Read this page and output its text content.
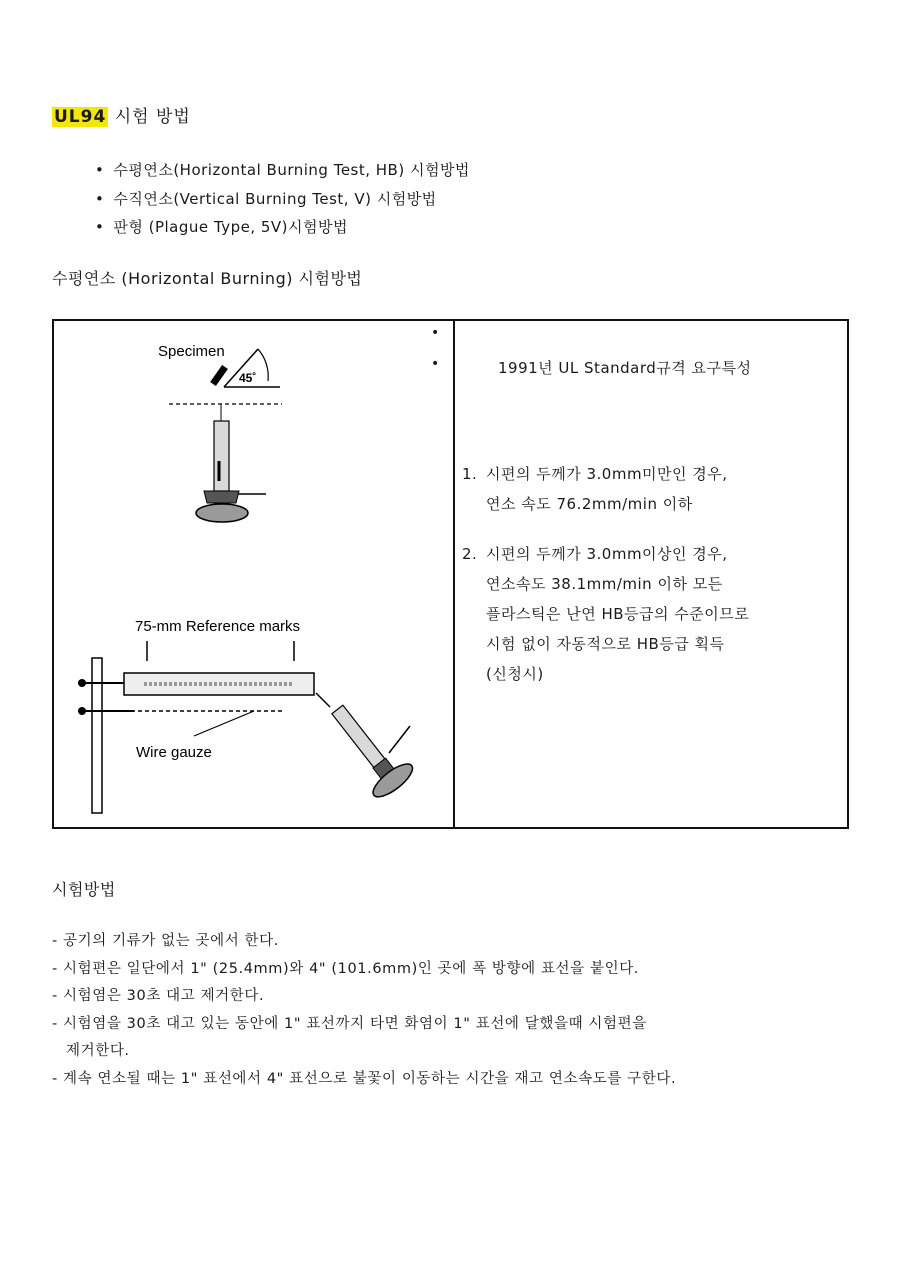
UL94 시험 방법
• 수평연소(Horizontal Burning Test, HB) 시험방법
• 수직연소(Vertical Burning Test, V) 시험방법
• 판형 (Plague Type, 5V)시험방법
수평연소 (Horizontal Burning) 시험방법
Specimen
45˚
75-mm Reference marks
Wire gauze
•
•	1991년 UL Standard규격 요구특성
1. 시편의 두께가 3.0mm미만인 경우,
연소 속도 76.2mm/min 이하
2. 시편의 두께가 3.0mm이상인 경우,
연소속도 38.1mm/min 이하 모든
플라스틱은 난연 HB등급의 수준이므로
시험 없이 자동적으로 HB등급 획득
(신청시)
시험방법
- 공기의 기류가 없는 곳에서 한다.
- 시험편은 일단에서 1" (25.4mm)와 4" (101.6mm)인 곳에 폭 방향에 표선을 붙인다.
- 시험염은 30초 대고 제거한다.
- 시험염을 30초 대고 있는 동안에 1" 표선까지 타면 화염이 1" 표선에 달했을때 시험편을
제거한다.
- 계속 연소될 때는 1" 표선에서 4" 표선으로 불꽃이 이동하는 시간을 재고 연소속도를 구한다.
